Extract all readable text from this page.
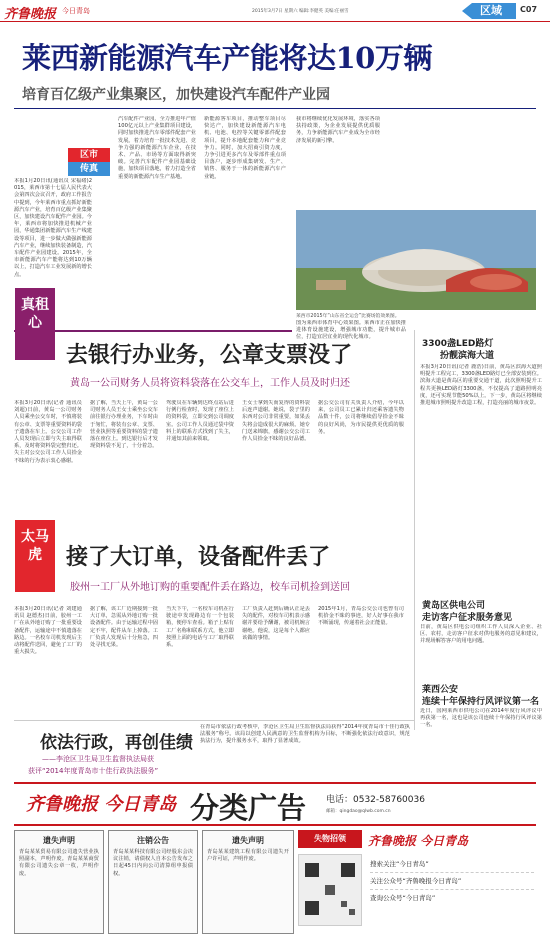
齐鲁晚报 今日青岛	2015年3月7日 星期六 编辑:李健英 美编:任丽雪	区域	C07
莱西新能源汽车产能将达10万辆
培育百亿级产业集聚区，加快建设汽车配件产业园
区市
传真
本报1月20日讯(通讯员 宋福绪)2015，莱西市第十七届人民代表大会第四次会议召开，政府工作报告中提到，今年莱西市重点抓好新能源汽车产业，培育百亿级产业集聚区，加快建设汽车配件产业园。今年，莱西市将加快推进机械产业园，华通集团新能源汽车生产线建设等项目，进一步做大做强新能源汽车产业，继续加快装备制造，汽车配件产业园建设。2015年，全市新能源汽车产能将达到10万辆以上，打造汽车工业发展新的增长点。
汽车配件产业园，全力推进年产值100亿元以上产业集群项目建设，同时加快推进汽车零部件配套产业发展。着力培育一批技术先进、竞争力强的新能源汽车企业，在技术、产品、市场等方面取得新突破。完善汽车配件产业园基础设施，加快项目落地，着力打造全省重要的新能源汽车生产基地。
新能源客车项目，推动整车项目尽快达产，加快建设新能源汽车电机、电池、电控等关键零部件配套项目，提升本地配套能力和产业竞争力。同时，加大招商引资力度，力争引进更多汽车及零部件重点项目落户，逐步形成集研发、生产、销售、服务于一体的新能源汽车产业链。
我市将继续优化发展环境，落实各项扶持政策，为企业发展提供优质服务，力争新能源汽车产业成为全市经济发展的新引擎。
莱西市2015年“山东省全运会”比赛场馆效果图。
图为莱西市体育中心效果图。莱西市正在加快推进体育设施建设，增强城市功能，提升城市品位，打造宜居宜业的现代化城市。
真租心
去银行办业务，公章支票没了
黄岛一公司财务人员将资料袋落在公交车上，工作人员及时归还
本报3月20日讯(记者 通讯员 刘超)日前，黄岛一公司财务人员乘坐公交车时，不慎将装有公章、支票等重要资料的袋子遗落在车上。公交公司工作人员发现后立即与失主取得联系，及时将资料袋完整归还。失主对公交公司工作人员拾金不昧的行为表示衷心感谢。
据了解，当天上午，黄岛一公司财务人员王女士乘坐公交车前往银行办理业务，下车时由于匆忙，将装有公章、支票、营业执照等重要资料的袋子遗落在座位上。到达银行后才发现资料袋不见了，十分着急。
驾驶员在车辆到达终点站后进行例行检查时，发现了座位上的资料袋，立即交到公司调度室。公司工作人员通过袋中资料上的联系方式找到了失主，并通知其前来领取。
王女士拿到失而复得的资料袋后连声道谢。她说，袋子里的东西对公司非常重要，如果丢失将会造成很大的麻烦。她专门送来锦旗，感谢公交公司工作人员拾金不昧的良好品德。
据公交公司有关负责人介绍，今年以来，公司员工已累计归还乘客遗失物品数十件，公司将继续倡导拾金不昧的良好风尚，为市民提供更优质的服务。
太马虎	接了大订单，设备配件丢了
胶州一工厂从外地订购的重要配件丢在路边，校车司机捡到送回
本报3月20日讯(记者 刘建通讯员 赵德杰)日前，胶州一工厂在从外地订购了一批重要设备配件，运输途中不慎遗落在路边。一名校车司机发现后主动将配件送回，避免了工厂的重大损失。
据了解，该工厂近期接到一批大订单，急需从外地订购一批设备配件。由于运输过程中固定不牢，配件从车上掉落。工厂负责人发现后十分焦急，四处寻找无果。
当天下午，一名校车司机在行驶途中发现路边有一个包装箱，便停车查看。箱子上贴有工厂名称和联系方式，他立即按照上面的电话与工厂取得联系。
工厂负责人赶到后确认正是丢失的配件，对校车司机表示感谢并要给予酬谢，被司机婉言谢绝。他说，这是每个人都应该做的事情。
2015年1月，青岛公交公司也曾有司机拾金不昧的事迹，好人好事在我市不断涌现，传递着社会正能量。
3300盏LED路灯
扮靓滨海大道
本报3月20日讯(记者 鹿浩)日前，黄岛区滨海大道照明提升工程完工，3300盏LED路灯已全部安装到位。滨海大道是黄岛区的重要交通干道，此次照明提升工程共更换LED路灯3300盏，不仅提高了道路照明亮度，还可实现节能50%以上。下一步，黄岛区将继续推进城市照明提升改造工程，打造亮丽的城市夜景。
黄岛区供电公司
走访客户征求服务意见
日前，黄岛区供电公司组织工作人员深入企业、社区、农村，走访客户征求对供电服务的意见和建议，并现场解答客户的用电问题。
莱西公安
连续十年保持行风评议第一名
近日，国网莱西市供电公司在2014年度行风评议中再获第一名，这也是该公司连续十年保持行风评议第一名。
依法行政，再创佳绩
——李沧区卫生局卫生监督执法局获
获评“2014年度青岛市十佳行政执法服务”
在青岛市依法行政考核中，李沧区卫生局卫生监督执法局获得“2014年度青岛市十佳行政执法服务”称号。该局以创建人民满意的卫生监督机构为目标，不断强化依法行政意识，规范执法行为，提升服务水平，取得了显著成效。
齐鲁晚报 今日青岛 分类广告 电话：0532-58760036
邮箱：qingdao@qlwb.com.cn
遗失声明
青岛某某贸易有限公司遗失营业执照副本，声明作废。青岛某某商贸有限公司遗失公章一枚，声明作废。
注销公告
青岛某某科技有限公司经股东会决议注销，请债权人自本公告发布之日起45日内向公司清算组申报债权。
遗失声明
青岛某某建筑工程有限公司遗失开户许可证，声明作废。
失物招领	齐鲁晚报 今日青岛
搜索关注“今日青岛”
关注公众号“齐鲁晚报今日青岛”
查询公众号“今日青岛”
